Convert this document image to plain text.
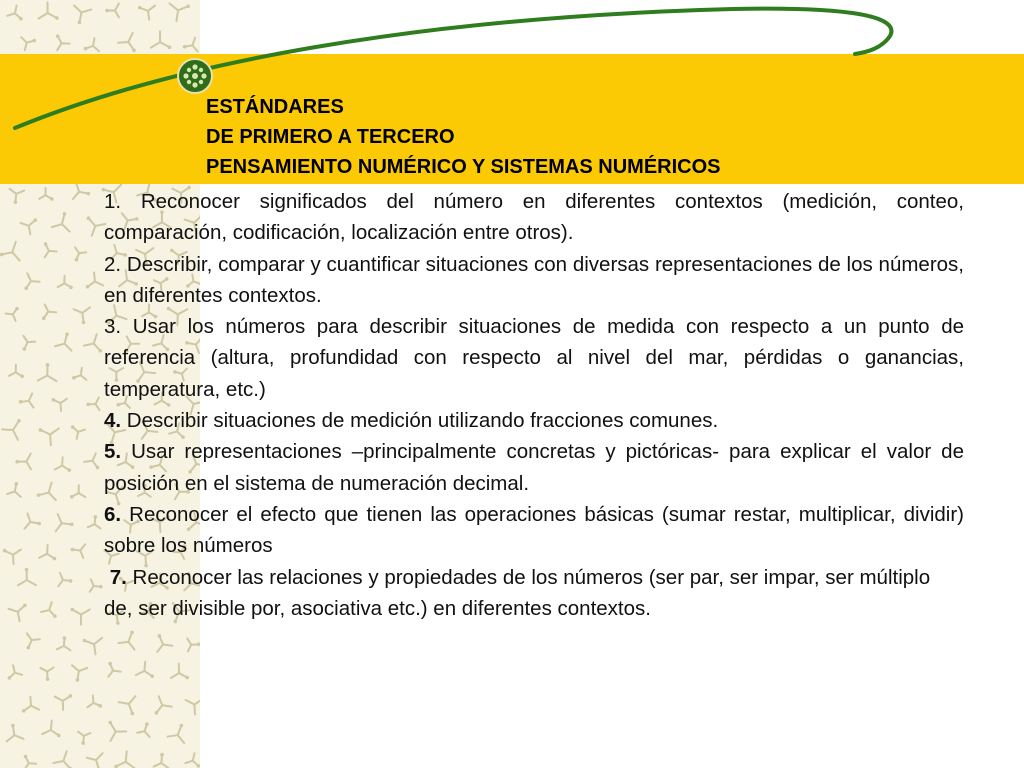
ESTÁNDARES
DE PRIMERO A TERCERO
PENSAMIENTO NUMÉRICO Y SISTEMAS NUMÉRICOS

1. Reconocer significados del número en diferentes contextos (medición, conteo, comparación, codificación, localización entre otros).

2. Describir, comparar y cuantificar situaciones con diversas representaciones de los números, en diferentes contextos.

3. Usar los números para describir situaciones de medida con respecto a un punto de referencia (altura, profundidad con respecto al nivel del mar, pérdidas o ganancias, temperatura, etc.)

4. Describir situaciones de medición utilizando fracciones comunes.

5. Usar representaciones –principalmente concretas y pictóricas- para explicar el valor de posición en el sistema de numeración decimal.

6. Reconocer el efecto que tienen las operaciones básicas (sumar restar, multiplicar, dividir) sobre los números

7. Reconocer las relaciones y propiedades de los números (ser par, ser impar, ser múltiplo de, ser divisible por, asociativa etc.) en diferentes contextos.
